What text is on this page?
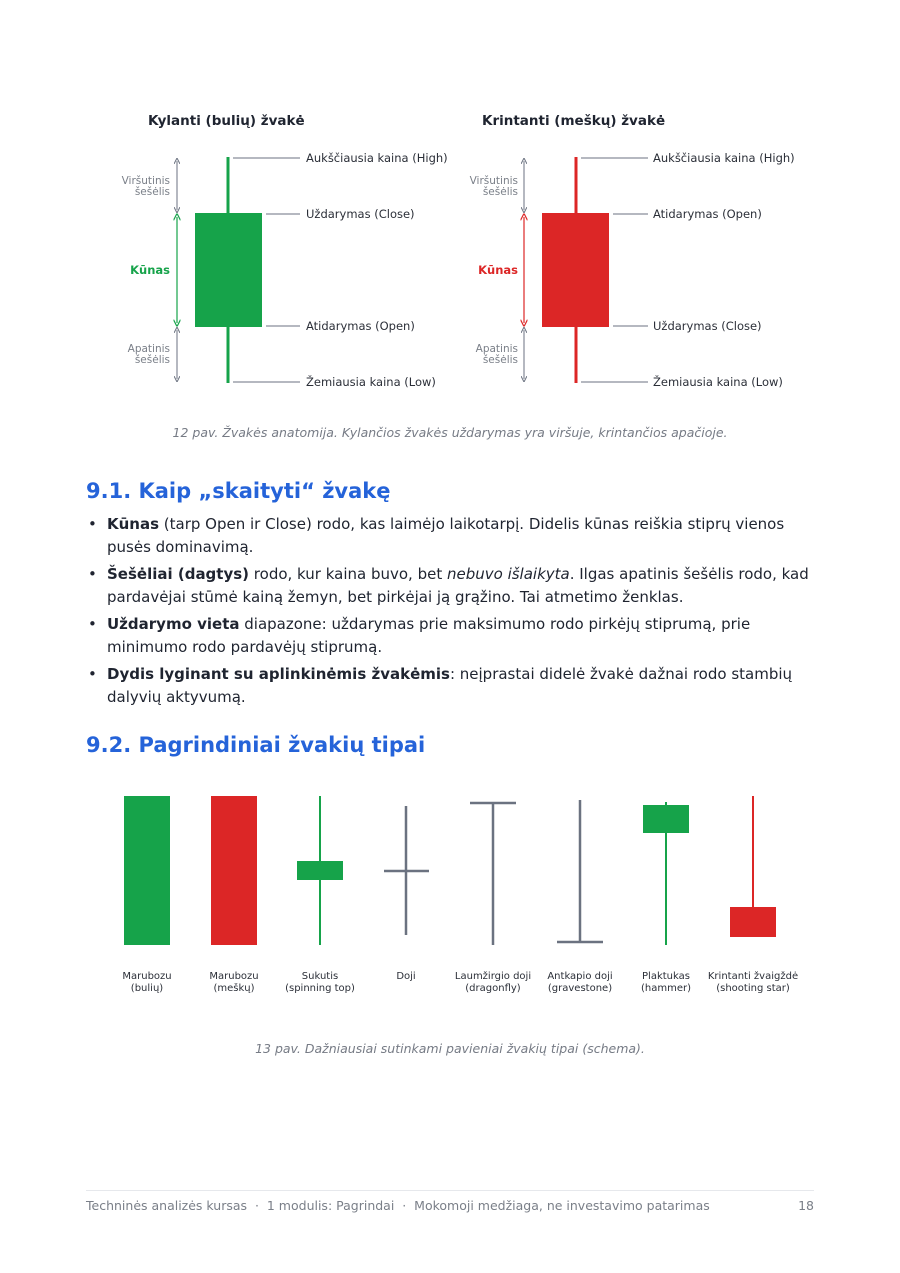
Kylanti (bulių) žvakė
Aukščiausia kaina (High)
Uždarymas (Close)
Atidarymas (Open)
Žemiausia kaina (Low)
Viršutinis
šešėlis
Kūnas
Apatinis
šešėlis
Krintanti (meškų) žvakė
Aukščiausia kaina (High)
Atidarymas (Open)
Uždarymas (Close)
Žemiausia kaina (Low)
Viršutinis
šešėlis
Kūnas
Apatinis
šešėlis
12 pav. Žvakės anatomija. Kylančios žvakės uždarymas yra viršuje, krintančios apačioje.
9.1. Kaip „skaityti“ žvakę
• Kūnas (tarp Open ir Close) rodo, kas laimėjo laikotarpį. Didelis kūnas reiškia stiprų vienos pusės dominavimą.
• Šešėliai (dagtys) rodo, kur kaina buvo, bet nebuvo išlaikyta. Ilgas apatinis šešėlis rodo, kad pardavėjai stūmė kainą žemyn, bet pirkėjai ją grąžino. Tai atmetimo ženklas.
• Uždarymo vieta diapazone: uždarymas prie maksimumo rodo pirkėjų stiprumą, prie minimumo rodo pardavėjų stiprumą.
• Dydis lyginant su aplinkinėmis žvakėmis: neįprastai didelė žvakė dažnai rodo stambių dalyvių aktyvumą.
9.2. Pagrindiniai žvakių tipai
Marubozu
(bulių)
Marubozu
(meškų)
Sukutis
(spinning top)
Doji	Laumžirgio doji
(dragonfly)
Antkapio doji
(gravestone)
Plaktukas
(hammer)
Krintanti žvaigždė
(shooting star)
13 pav. Dažniausiai sutinkami pavieniai žvakių tipai (schema).
Techninės analizės kursas  ·  1 modulis: Pagrindai  ·  Mokomoji medžiaga, ne investavimo patarimas	18
